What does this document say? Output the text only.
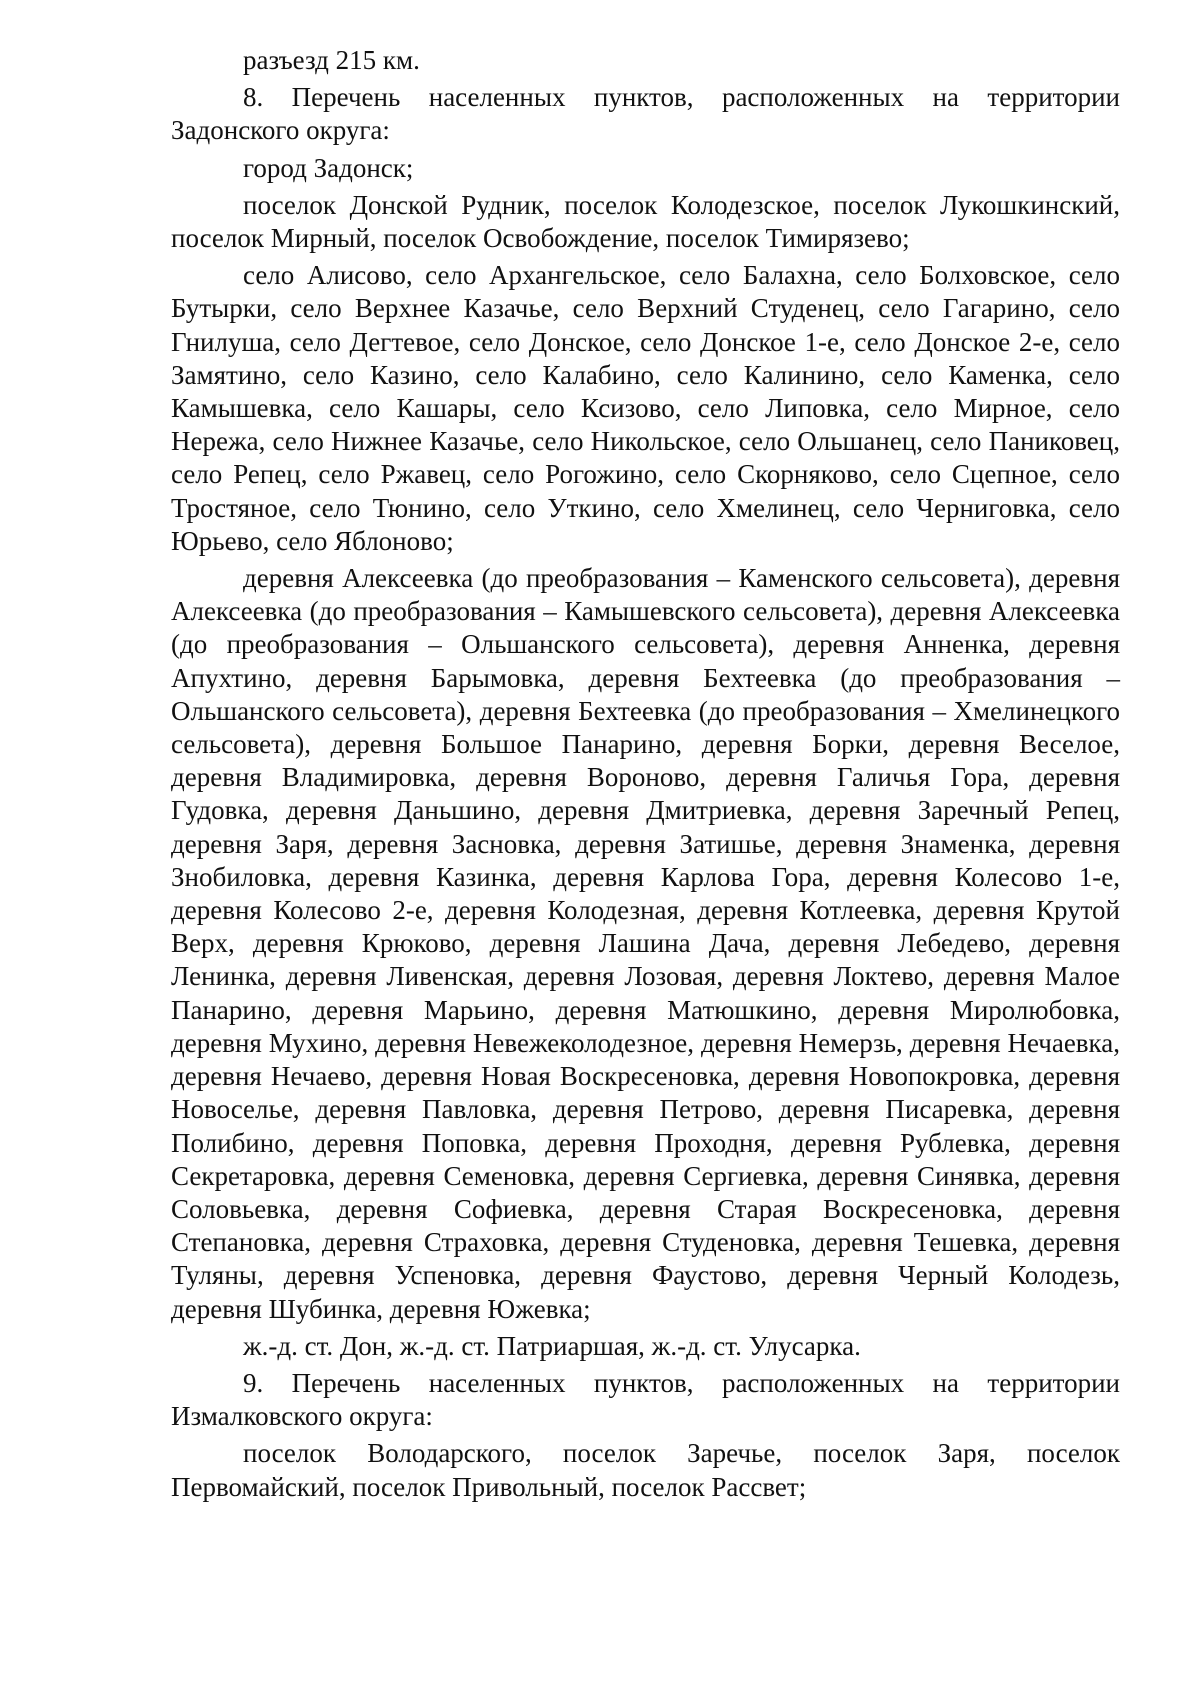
разъезд 215 км.

8. Перечень населенных пунктов, расположенных на территории Задонского округа:

город Задонск;

поселок Донской Рудник, поселок Колодезское, поселок Лукошкинский, поселок Мирный, поселок Освобождение, поселок Тимирязево;

село Алисово, село Архангельское, село Балахна, село Болховское, село Бутырки, село Верхнее Казачье, село Верхний Студенец, село Гагарино, село Гнилуша, село Дегтевое, село Донское, село Донское 1-е, село Донское 2-е, село Замятино, село Казино, село Калабино, село Калинино, село Каменка, село Камышевка, село Кашары, село Ксизово, село Липовка, село Мирное, село Нережа, село Нижнее Казачье, село Никольское, село Ольшанец, село Паниковец, село Репец, село Ржавец, село Рогожино, село Скорняково, село Сцепное, село Тростяное, село Тюнино, село Уткино, село Хмелинец, село Черниговка, село Юрьево, село Яблоново;

деревня Алексеевка (до преобразования – Каменского сельсовета), деревня Алексеевка (до преобразования – Камышевского сельсовета), деревня Алексеевка (до преобразования – Ольшанского сельсовета), деревня Анненка, деревня Апухтино, деревня Барымовка, деревня Бехтеевка (до преобразования – Ольшанского сельсовета), деревня Бехтеевка (до преобразования – Хмелинецкого сельсовета), деревня Большое Панарино, деревня Борки, деревня Веселое, деревня Владимировка, деревня Вороново, деревня Галичья Гора, деревня Гудовка, деревня Даньшино, деревня Дмитриевка, деревня Заречный Репец, деревня Заря, деревня Засновка, деревня Затишье, деревня Знаменка, деревня Знобиловка, деревня Казинка, деревня Карлова Гора, деревня Колесово 1-е, деревня Колесово 2-е, деревня Колодезная, деревня Котлеевка, деревня Крутой Верх, деревня Крюково, деревня Лашина Дача, деревня Лебедево, деревня Ленинка, деревня Ливенская, деревня Лозовая, деревня Локтево, деревня Малое Панарино, деревня Марьино, деревня Матюшкино, деревня Миролюбовка, деревня Мухино, деревня Невежеколодезное, деревня Немерзь, деревня Нечаевка, деревня Нечаево, деревня Новая Воскресеновка, деревня Новопокровка, деревня Новоселье, деревня Павловка, деревня Петрово, деревня Писаревка, деревня Полибино, деревня Поповка, деревня Проходня, деревня Рублевка, деревня Секретаровка, деревня Семеновка, деревня Сергиевка, деревня Синявка, деревня Соловьевка, деревня Софиевка, деревня Старая Воскресеновка, деревня Степановка, деревня Страховка, деревня Студеновка, деревня Тешевка, деревня Туляны, деревня Успеновка, деревня Фаустово, деревня Черный Колодезь, деревня Шубинка, деревня Южевка;

ж.-д. ст. Дон, ж.-д. ст. Патриаршая, ж.-д. ст. Улусарка.

9. Перечень населенных пунктов, расположенных на территории Измалковского округа:

поселок Володарского, поселок Заречье, поселок Заря, поселок Первомайский, поселок Привольный, поселок Рассвет;
